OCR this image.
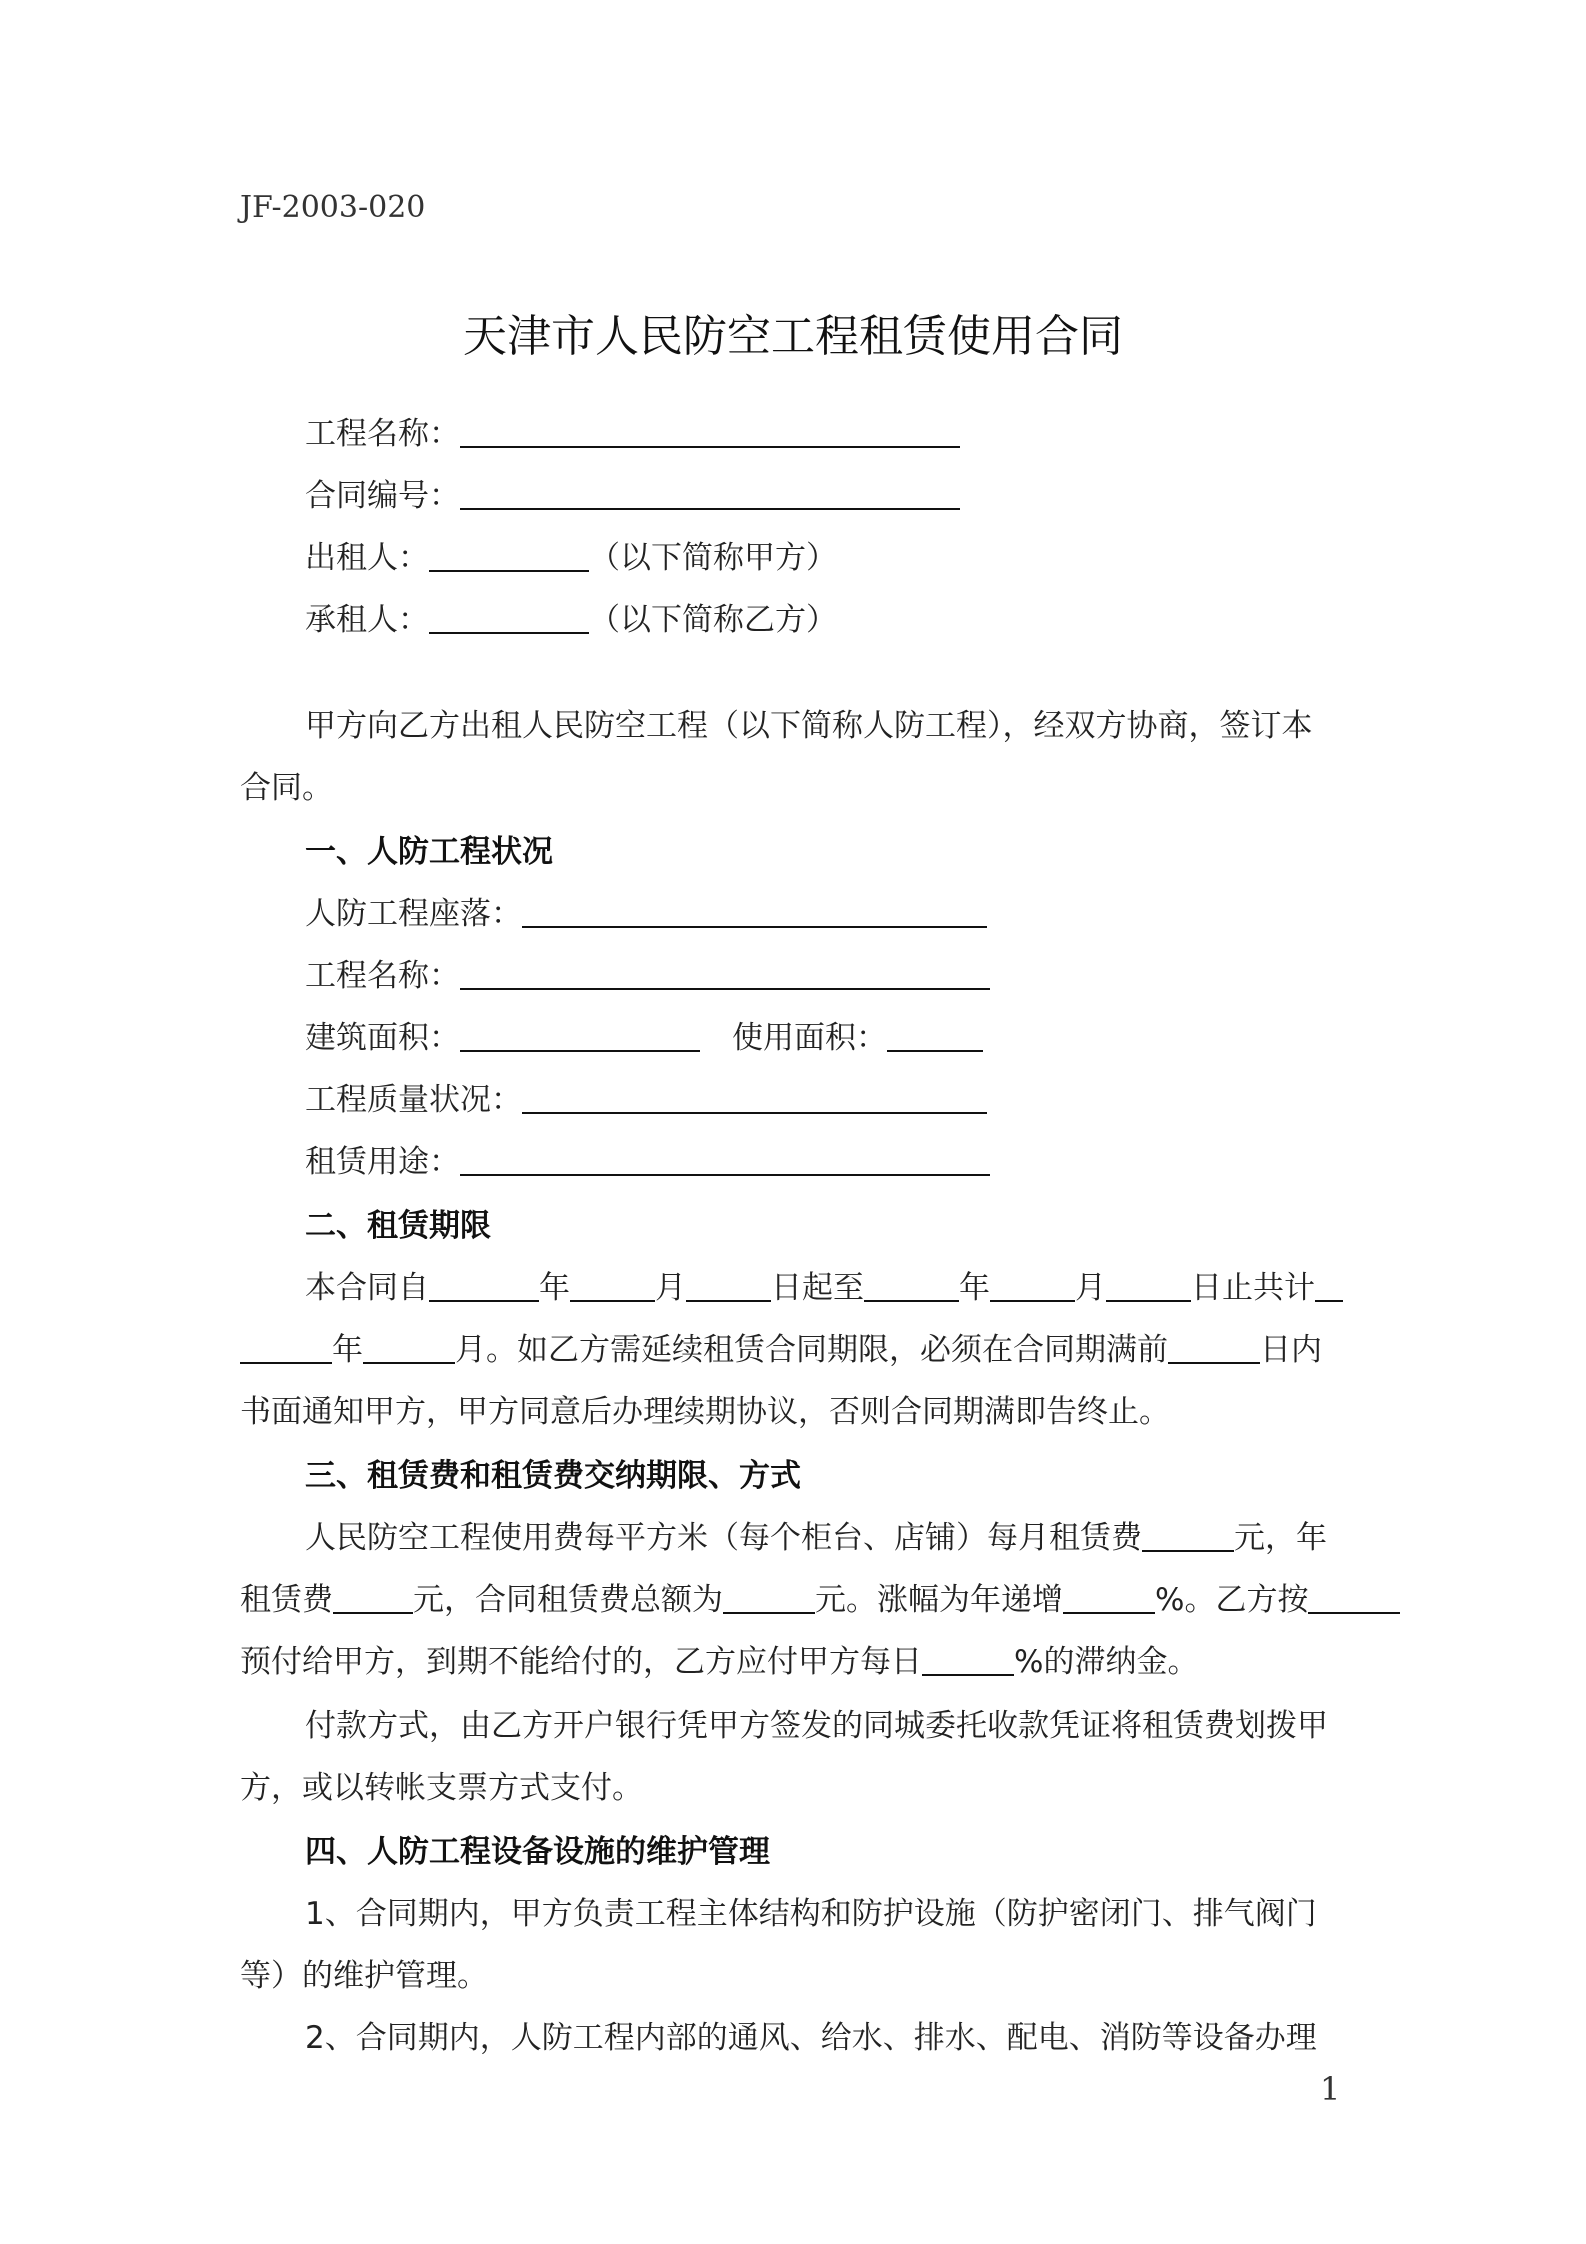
JF-2003-020
天津市人民防空工程租赁使用合同
工程名称：
合同编号：
出租人：	（以下简称甲方）
承租人：	（以下简称乙方）
甲方向乙方出租人民防空工程（以下简称人防工程），经双方协商，签订本
合同。
一、人防工程状况
人防工程座落：
工程名称：
建筑面积：	使用面积：
工程质量状况：
租赁用途：
二、租赁期限
本合同自	年	月	日起至	年	月	日止共计
年	月。如乙方需延续租赁合同期限，必须在合同期满前	日内
书面通知甲方，甲方同意后办理续期协议，否则合同期满即告终止。
三、租赁费和租赁费交纳期限、方式
人民防空工程使用费每平方米（每个柜台、店铺）每月租赁费	元，年
租赁费	元，合同租赁费总额为	元。涨幅为年递增	%。乙方按
预付给甲方，到期不能给付的，乙方应付甲方每日	%的滞纳金。
付款方式，由乙方开户银行凭甲方签发的同城委托收款凭证将租赁费划拨甲
方，或以转帐支票方式支付。
四、人防工程设备设施的维护管理
1、合同期内，甲方负责工程主体结构和防护设施（防护密闭门、排气阀门
等）的维护管理。
2、合同期内，人防工程内部的通风、给水、排水、配电、消防等设备办理
1
